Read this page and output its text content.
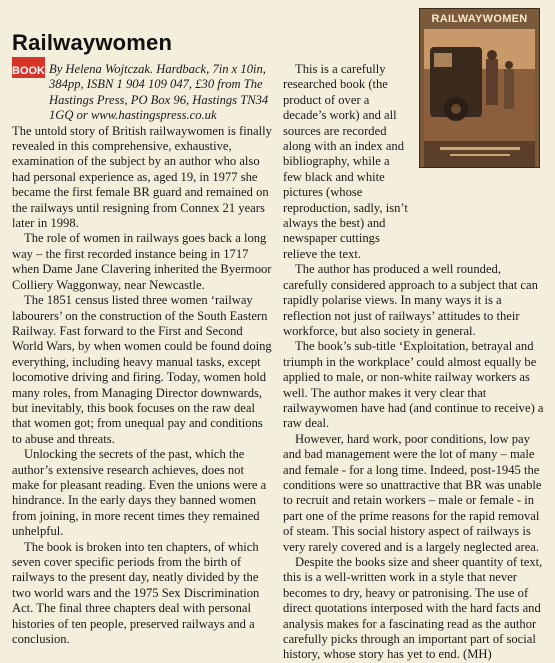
Railwaywomen
BOOK By Helena Wojtczak. Hardback, 7in x 10in, 384pp, ISBN 1 904 109 047, £30 from The Hastings Press, PO Box 96, Hastings TN34 1GQ or www.hastingspress.co.uk

The untold story of British railwaywomen is finally revealed in this comprehensive, exhaustive, examination of the subject by an author who also had personal experience as, aged 19, in 1977 she became the first female BR guard and remained on the railways until resigning from Connex 21 years later in 1998.

The role of women in railways goes back a long way – the first recorded instance being in 1717 when Dame Jane Clavering inherited the Byermoor Colliery Waggonway, near Newcastle.

The 1851 census listed three women ‘railway labourers’ on the construction of the South Eastern Railway. Fast forward to the First and Second World Wars, by when women could be found doing everything, including heavy manual tasks, except locomotive driving and firing. Today, women hold many roles, from Managing Director downwards, but inevitably, this book focuses on the raw deal that women got; from unequal pay and conditions to abuse and threats.

Unlocking the secrets of the past, which the author’s extensive research achieves, does not make for pleasant reading. Even the unions were a hindrance. In the early days they banned women from joining, in more recent times they remained unhelpful.

The book is broken into ten chapters, of which seven cover specific periods from the birth of railways to the present day, neatly divided by the two world wars and the 1975 Sex Discrimination Act. The final three chapters deal with personal histories of ten people, preserved railways and a conclusion.

RAILWAYWOMEN

This is a carefully researched book (the product of over a decade’s work) and all sources are recorded along with an index and bibliography, while a few black and white pictures (whose reproduction, sadly, isn’t always the best) and newspaper cuttings relieve the text.

The author has produced a well rounded, carefully considered approach to a subject that can rapidly polarise views. In many ways it is a reflection not just of railways’ attitudes to their workforce, but also society in general.

The book’s sub-title ‘Exploitation, betrayal and triumph in the workplace’ could almost equally be applied to male, or non-white railway workers as well. The author makes it very clear that railwaywomen have had (and continue to receive) a raw deal.

However, hard work, poor conditions, low pay and bad management were the lot of many – male and female - for a long time. Indeed, post-1945 the conditions were so unattractive that BR was unable to recruit and retain workers – male or female - in part one of the prime reasons for the rapid removal of steam. This social history aspect of railways is very rarely covered and is a largely neglected area.

Despite the books size and sheer quantity of text, this is a well-written work in a style that never becomes to dry, heavy or patronising. The use of direct quotations interposed with the hard facts and analysis makes for a fascinating read as the author carefully picks through an important part of social history, whose story has yet to end. (MH)
